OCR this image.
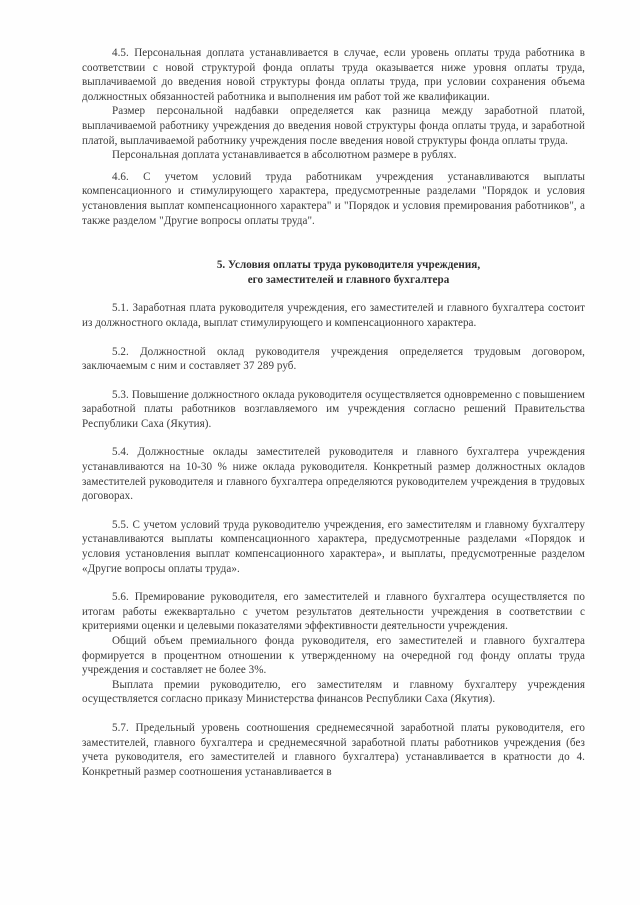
4.5. Персональная доплата устанавливается в случае, если уровень оплаты труда работника в соответствии с новой структурой фонда оплаты труда оказывается ниже уровня оплаты труда, выплачиваемой до введения новой структуры фонда оплаты труда, при условии сохранения объема должностных обязанностей работника и выполнения им работ той же квалификации.

Размер персональной надбавки определяется как разница между заработной платой, выплачиваемой работнику учреждения до введения новой структуры фонда оплаты труда, и заработной платой, выплачиваемой работнику учреждения после введения новой структуры фонда оплаты труда.

Персональная доплата устанавливается в абсолютном размере в рублях.

4.6. С учетом условий труда работникам учреждения устанавливаются выплаты компенсационного и стимулирующего характера, предусмотренные разделами "Порядок и условия установления выплат компенсационного характера" и "Порядок и условия премирования работников", а также разделом "Другие вопросы оплаты труда".

5. Условия оплаты труда руководителя учреждения,

его заместителей и главного бухгалтера

5.1. Заработная плата руководителя учреждения, его заместителей и главного бухгалтера состоит из должностного оклада, выплат стимулирующего и компенсационного характера.

5.2. Должностной оклад руководителя учреждения определяется трудовым договором, заключаемым с ним и составляет 37 289 руб.

5.3. Повышение должностного оклада руководителя осуществляется одновременно с повышением заработной платы работников возглавляемого им учреждения согласно решений Правительства Республики Саха (Якутия).

5.4. Должностные оклады заместителей руководителя и главного бухгалтера учреждения устанавливаются на 10-30 % ниже оклада руководителя. Конкретный размер должностных окладов заместителей руководителя и главного бухгалтера определяются руководителем учреждения в трудовых договорах.

5.5. С учетом условий труда руководителю учреждения, его заместителям и главному бухгалтеру устанавливаются выплаты компенсационного характера, предусмотренные разделами «Порядок и условия установления выплат компенсационного характера», и выплаты, предусмотренные разделом «Другие вопросы оплаты труда».

5.6. Премирование руководителя, его заместителей и главного бухгалтера осуществляется по итогам работы ежеквартально с учетом результатов деятельности учреждения в соответствии с критериями оценки и целевыми показателями эффективности деятельности учреждения.

Общий объем премиального фонда руководителя, его заместителей и главного бухгалтера формируется в процентном отношении к утвержденному на очередной год фонду оплаты труда учреждения и составляет не более 3%.

Выплата премии руководителю, его заместителям и главному бухгалтеру учреждения осуществляется согласно приказу Министерства финансов Республики Саха (Якутия).

5.7. Предельный уровень соотношения среднемесячной заработной платы руководителя, его заместителей, главного бухгалтера и среднемесячной заработной платы работников учреждения (без учета руководителя, его заместителей и главного бухгалтера) устанавливается в кратности до 4. Конкретный размер соотношения устанавливается в
